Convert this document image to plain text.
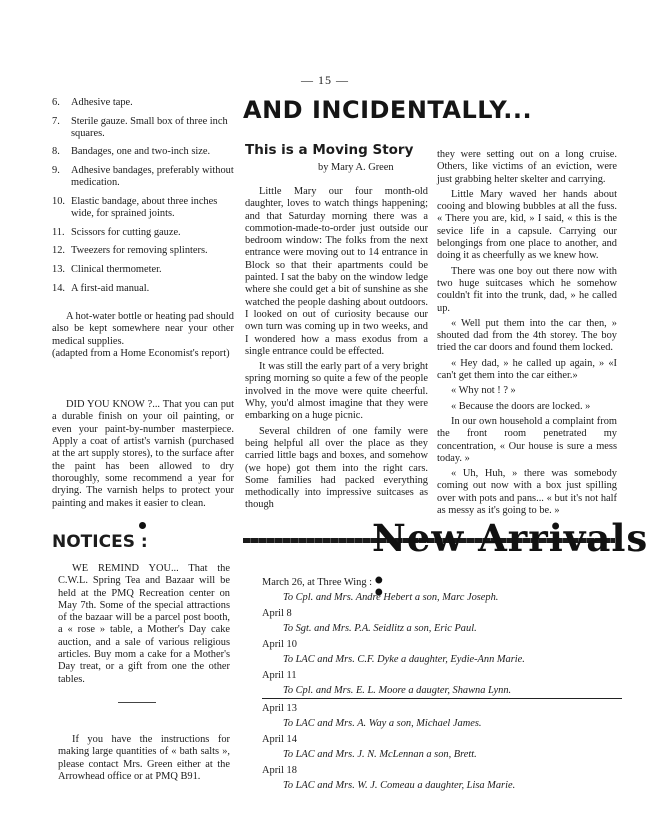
— 15 —
6. Adhesive tape.
7. Sterile gauze. Small box of three inch squares.
8. Bandages, one and two-inch size.
9. Adhesive bandages, preferably without medication.
10. Elastic bandage, about three inches wide, for sprained joints.
11. Scissors for cutting gauze.
12. Tweezers for removing splinters.
13. Clinical thermometer.
14. A first-aid manual.

A hot-water bottle or heating pad should also be kept somewhere near your other medical supplies.

(adapted from a Home Economist's report)

DID YOU KNOW ?... That you can put a durable finish on your oil painting, or even your paint-by-number masterpiece. Apply a coat of artist's varnish (purchased at the art supply stores), to the surface after the paint has been allowed to dry thoroughly, some recommend a year for drying. The varnish helps to protect your painting and makes it easier to clean.

AND INCIDENTALLY...
This is a Moving Story
by Mary A. Green

Little Mary our four month-old daughter, loves to watch things happening; and that Saturday morning there was a commotion-made-to-order just outside our bedroom window: The folks from the next entrance were moving out to 14 entrance in Block so that their apartments could be painted. I sat the baby on the window ledge where she could get a bit of sunshine as she watched the people dashing about outdoors. I looked on out of curiosity because our own turn was coming up in two weeks, and I wondered how a mass exodus from a single entrance could be effected.

It was still the early part of a very bright spring morning so quite a few of the people involved in the move were quite cheerful. Why, you'd almost imagine that they were embarking on a huge picnic.

Several children of one family were being helpful all over the place as they carried little bags and boxes, and somehow (we hope) got them into the right cars. Some families had packed everything methodically into impressive suitcases as though

they were setting out on a long cruise. Others, like victims of an eviction, were just grabbing helter skelter and carrying.

Little Mary waved her hands about cooing and blowing bubbles at all the fuss. « There you are, kid, » I said, « this is the sevice life in a capsule. Carrying our belongings from one place to another, and doing it as cheerfully as we knew how.

There was one boy out there now with two huge suitcases which he somehow couldn't fit into the trunk, dad, » he called up.

« Well put them into the car then, » shouted dad from the 4th storey. The boy tried the car doors and found them locked.

« Hey dad, » he called up again, » «I can't get them into the car either.»

« Why not ! ? »

« Because the doors are locked. »

In our own household a complaint from the front room penetrated my concentration, « Our house is sure a mess today. »

« Uh, Huh, » there was somebody coming out now with a box just spilling over with pots and pans... « but it's not half as messy as it's going to be. »

NOTICES :

WE REMIND YOU... That the C.W.L. Spring Tea and Bazaar will be held at the PMQ Recreation center on May 7th. Some of the special attractions of the bazaar will be a parcel post booth, a « rose » table, a Mother's Day cake auction, and a sale of various religious articles. Buy mom a cake for a Mother's Day treat, or a gift from one the other tables.

If you have the instructions for making large quantities of « bath salts », please contact Mrs. Green either at the Arrowhead office or at PMQ B91.

New Arrivals :
March 26, at Three Wing :
To Cpl. and Mrs. Andre Hebert a son, Marc Joseph.
April 8
To Sgt. and Mrs. P.A. Seidlitz a son, Eric Paul.
April 10
To LAC and Mrs. C.F. Dyke a daughter, Eydie-Ann Marie.
April 11
To Cpl. and Mrs. E. L. Moore a daugter, Shawna Lynn.
April 13
To LAC and Mrs. A. Way a son, Michael James.
April 14
To LAC and Mrs. J. N. McLennan a son, Brett.
April 18
To LAC and Mrs. W. J. Comeau a daughter, Lisa Marie.
